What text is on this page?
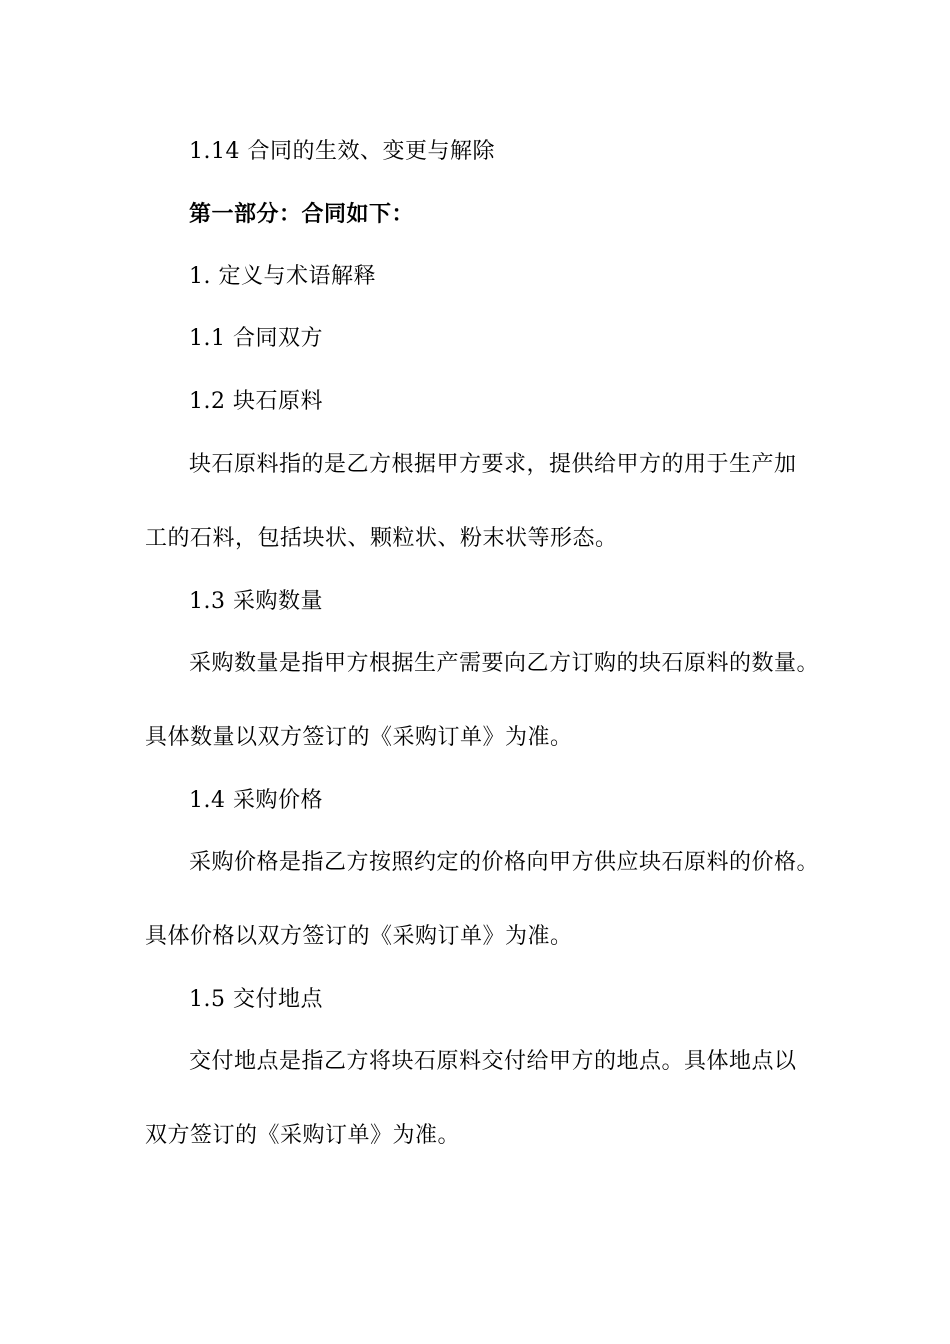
1.14 合同的生效、变更与解除
第一部分：合同如下：
1. 定义与术语解释
1.1 合同双方
1.2 块石原料
块石原料指的是乙方根据甲方要求，提供给甲方的用于生产加
工的石料，包括块状、颗粒状、粉末状等形态。
1.3 采购数量
采购数量是指甲方根据生产需要向乙方订购的块石原料的数量。
具体数量以双方签订的《采购订单》为准。
1.4 采购价格
采购价格是指乙方按照约定的价格向甲方供应块石原料的价格。
具体价格以双方签订的《采购订单》为准。
1.5 交付地点
交付地点是指乙方将块石原料交付给甲方的地点。具体地点以
双方签订的《采购订单》为准。
